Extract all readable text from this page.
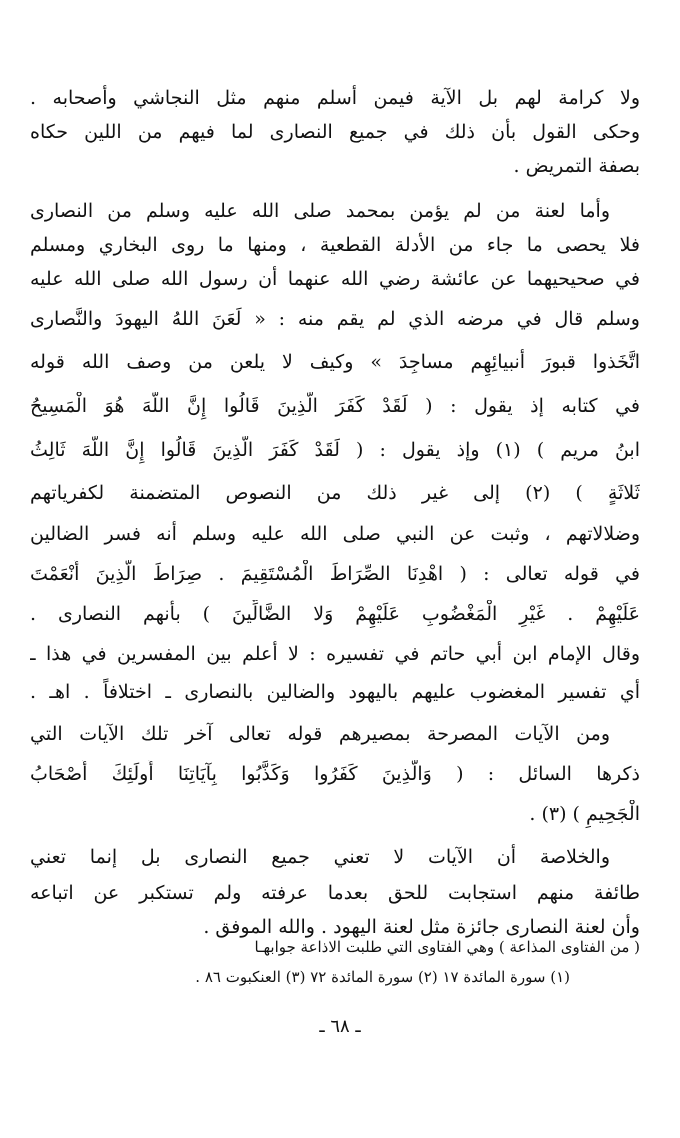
ولا كرامة لهم بل الآية فيمن أسلم منهم مثل النجاشي وأصحابه .
وحكى القول بأن ذلك في جميع النصارى لما فيهم من اللين حكاه
بصفة التمريض .
وأما لعنة من لم يؤمن بمحمد صلى الله عليه وسلم من النصارى
فلا يحصى ما جاء من الأدلة القطعية ، ومنها ما روى البخاري ومسلم
في صحيحيهما عن عائشة رضي الله عنهما أن رسول الله صلى الله عليه
وسلم قال في مرضه الذي لم يقم منه : « لَعَنَ اللهُ اليهودَ والنَّصارى
اتَّخَذوا قبورَ أنبيائِهِم مساجِدَ » وكيف لا يلعن من وصف الله قوله
في كتابه إذ يقول : ( لَقَدْ كَفَرَ الَّذِينَ قَالُوا إِنَّ اللَّهَ هُوَ الْمَسِيحُ
ابنُ مريم ) (١) وإذ يقول : ( لَقَدْ كَفَرَ الَّذِينَ قَالُوا إِنَّ اللَّهَ ثَالِثُ
ثَلاثَةٍ ) (٢) إلى غير ذلك من النصوص المتضمنة لكفرياتهم
وضلالاتهم ، وثبت عن النبي صلى الله عليه وسلم أنه فسر الضالين
في قوله تعالى : ( اهْدِنَا الصِّرَاطَ الْمُسْتَقِيمَ . صِرَاطَ الَّذِينَ أَنْعَمْتَ
عَلَيْهِمْ . غَيْرِ الْمَغْضُوبِ عَلَيْهِمْ وَلا الضَّالِّينَ ) بأنهم النصارى .
وقال الإمام ابن أبي حاتم في تفسيره : لا أعلم بين المفسرين في هذا ـ
أي تفسير المغضوب عليهم باليهود والضالين بالنصارى ـ اختلافاً . اهـ .
ومن الآيات المصرحة بمصيرهم قوله تعالى آخر تلك الآيات التي
ذكرها السائل : ( وَالَّذِينَ كَفَرُوا وَكَذَّبُوا بِآيَاتِنَا أُولَئِكَ أَصْحَابُ
الْجَحِيمِ ) (٣) .
والخلاصة أن الآيات لا تعني جميع النصارى بل إنما تعني
طائفة منهم استجابت للحق بعدما عرفته ولم تستكبر عن اتباعه
وأن لعنة النصارى جائزة مثل لعنة اليهود . والله الموفق .
( من الفتاوى المذاعة ) وهي الفتاوى التي طلبت الاذاعة جوابهـا
(١) سورة المائدة ١٧ (٢) سورة المائدة ٧٢ (٣) العنكبوت ٨٦ .
ـ ٦٨ ـ
